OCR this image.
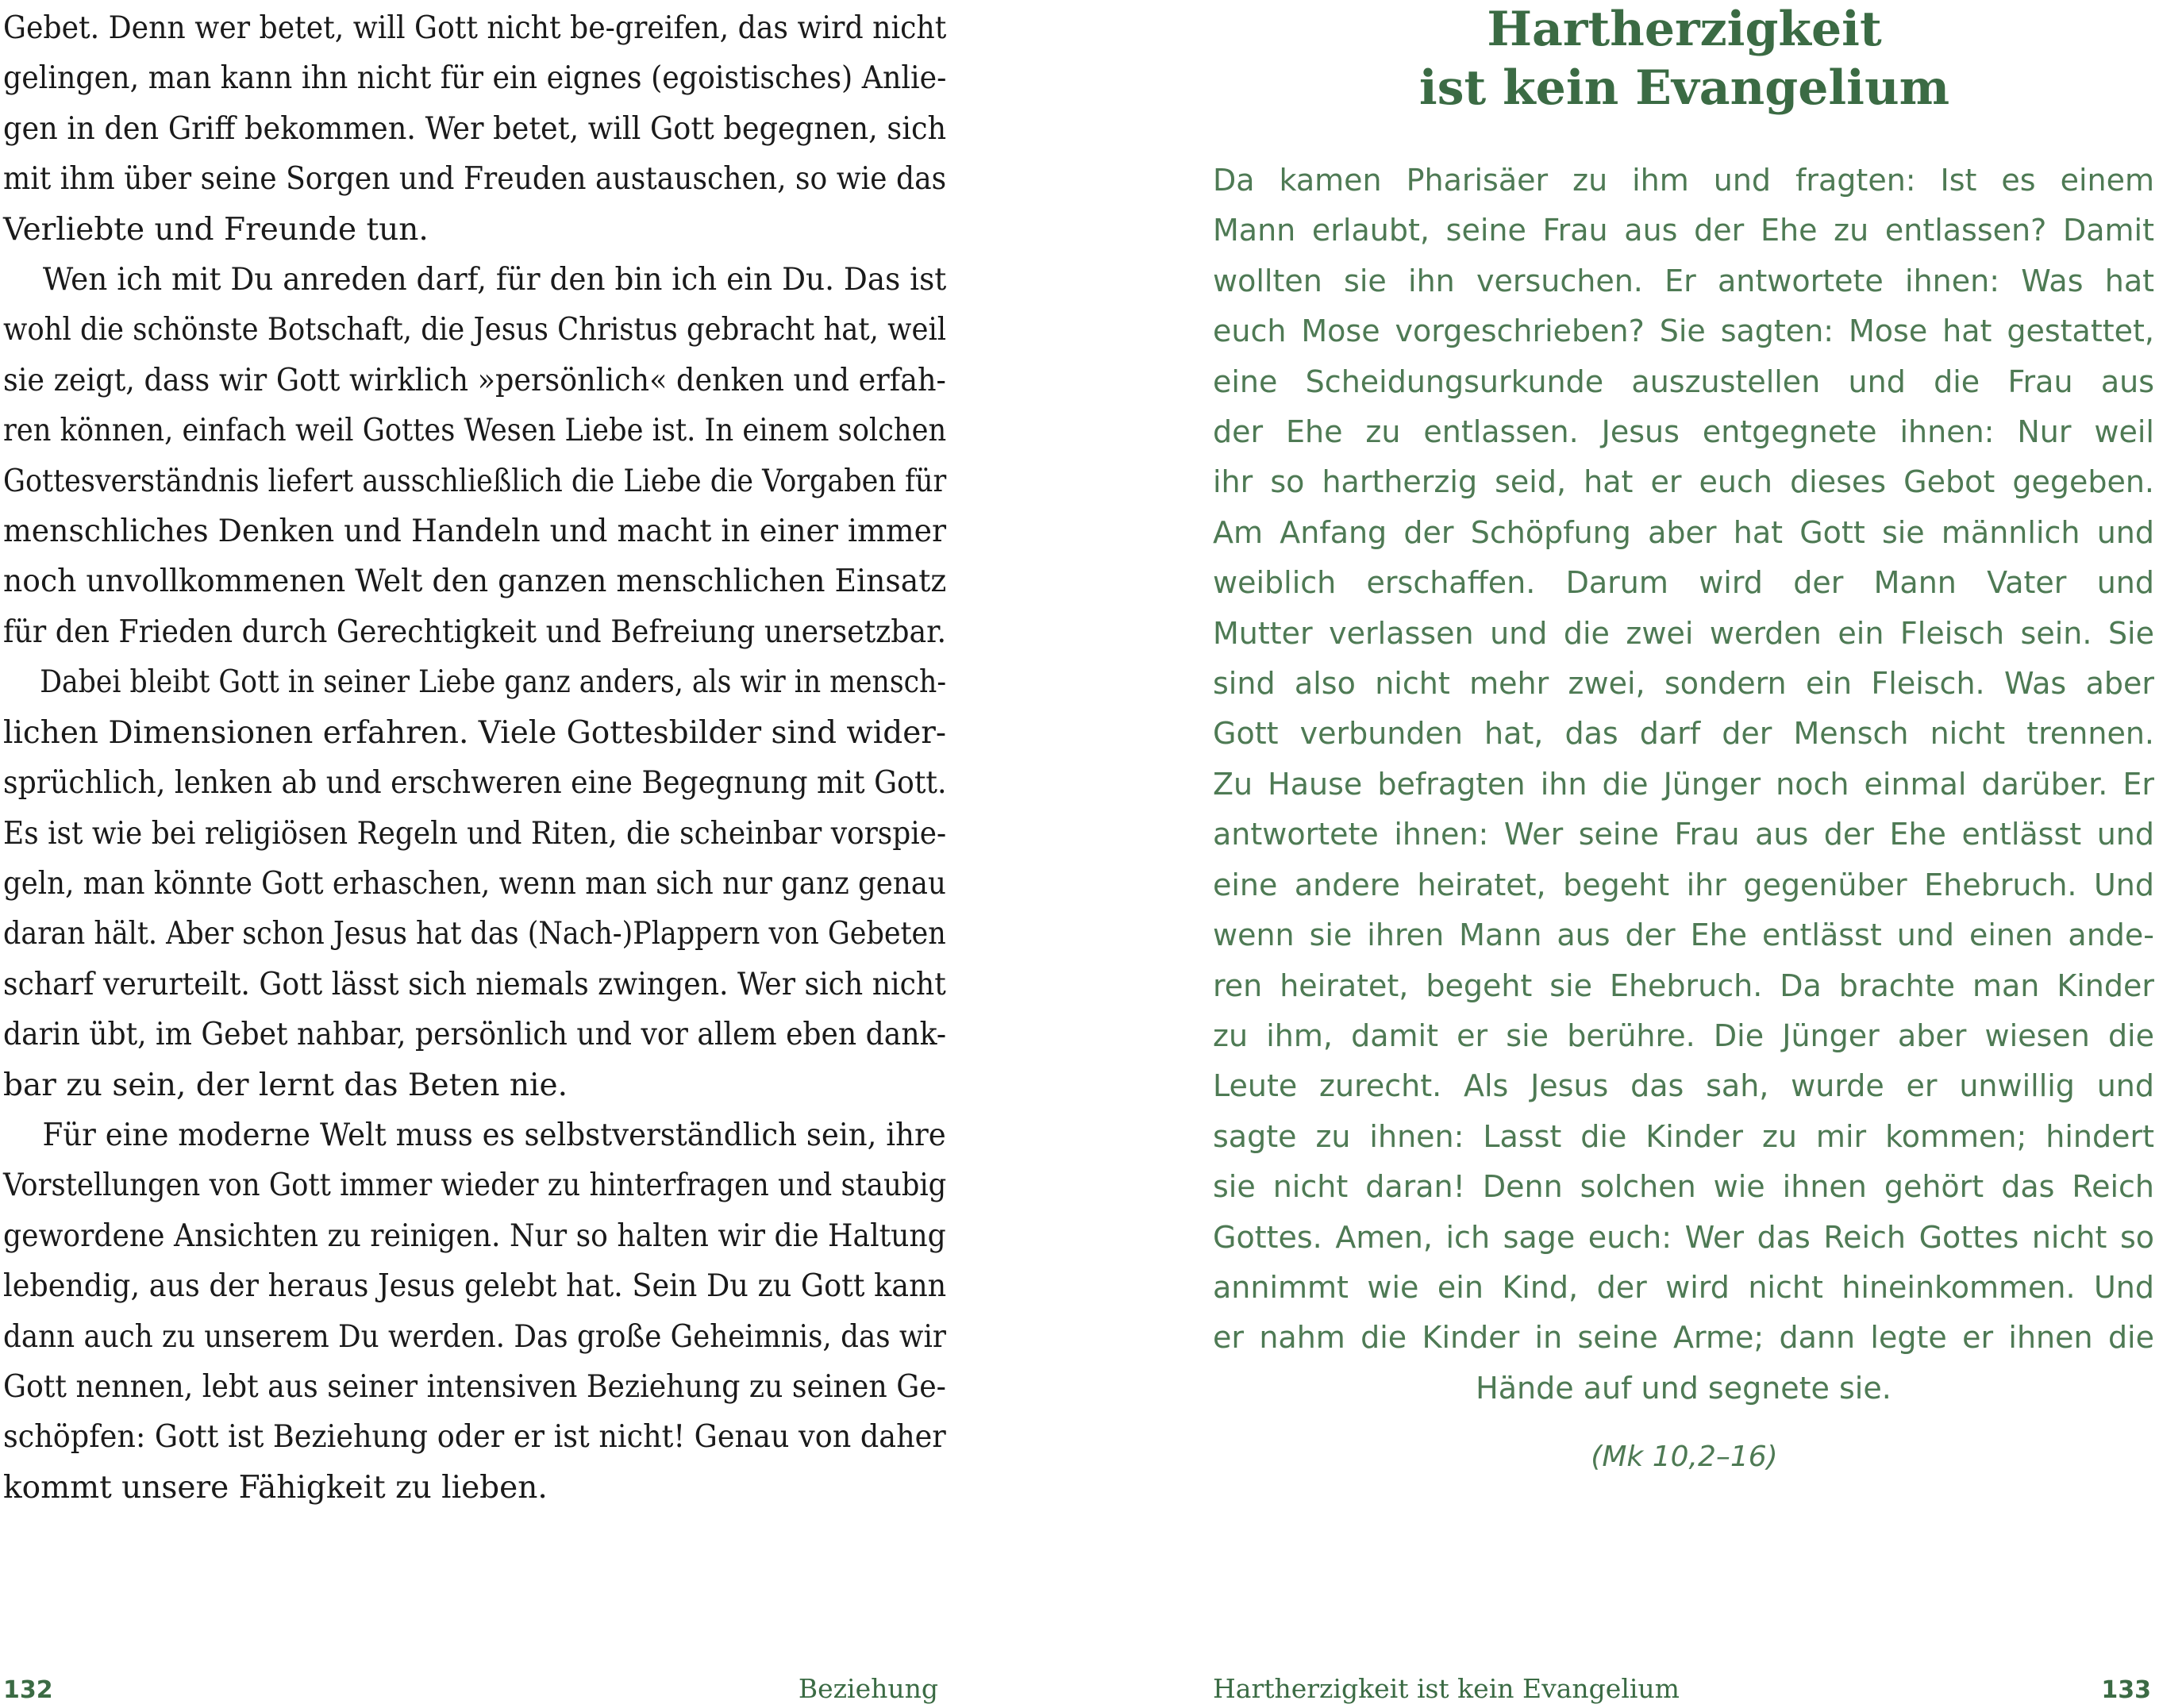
Gebet. Denn wer betet, will Gott nicht be-greifen, das wird nicht
gelingen, man kann ihn nicht für ein eignes (egoistisches) Anlie-
gen in den Griff bekommen. Wer betet, will Gott begegnen, sich
mit ihm über seine Sorgen und Freuden austauschen, so wie das
Verliebte und Freunde tun.

Wen ich mit Du anreden darf, für den bin ich ein Du. Das ist
wohl die schönste Botschaft, die Jesus Christus gebracht hat, weil
sie zeigt, dass wir Gott wirklich »persönlich« denken und erfah-
ren können, einfach weil Gottes Wesen Liebe ist. In einem solchen
Gottesverständnis liefert ausschließlich die Liebe die Vorgaben für
menschliches Denken und Handeln und macht in einer immer
noch unvollkommenen Welt den ganzen menschlichen Einsatz
für den Frieden durch Gerechtigkeit und Befreiung unersetzbar.

Dabei bleibt Gott in seiner Liebe ganz anders, als wir in mensch-
lichen Dimensionen erfahren. Viele Gottesbilder sind wider-
sprüchlich, lenken ab und erschweren eine Begegnung mit Gott.
Es ist wie bei religiösen Regeln und Riten, die scheinbar vorspie-
geln, man könnte Gott erhaschen, wenn man sich nur ganz genau
daran hält. Aber schon Jesus hat das (Nach-)Plappern von Gebeten
scharf verurteilt. Gott lässt sich niemals zwingen. Wer sich nicht
darin übt, im Gebet nahbar, persönlich und vor allem eben dank-
bar zu sein, der lernt das Beten nie.

Für eine moderne Welt muss es selbstverständlich sein, ihre
Vorstellungen von Gott immer wieder zu hinterfragen und staubig
gewordene Ansichten zu reinigen. Nur so halten wir die Haltung
lebendig, aus der heraus Jesus gelebt hat. Sein Du zu Gott kann
dann auch zu unserem Du werden. Das große Geheimnis, das wir
Gott nennen, lebt aus seiner intensiven Beziehung zu seinen Ge-
schöpfen: Gott ist Beziehung oder er ist nicht! Genau von daher
kommt unsere Fähigkeit zu lieben.

132	Beziehung
Hartherzigkeit
ist kein Evangelium
Da kamen Pharisäer zu ihm und fragten: Ist es einem
Mann erlaubt, seine Frau aus der Ehe zu entlassen? Damit
wollten sie ihn versuchen. Er antwortete ihnen: Was hat
euch Mose vorgeschrieben? Sie sagten: Mose hat gestattet,
eine Scheidungsurkunde auszustellen und die Frau aus
der Ehe zu entlassen. Jesus entgegnete ihnen: Nur weil
ihr so hartherzig seid, hat er euch dieses Gebot gegeben.
Am Anfang der Schöpfung aber hat Gott sie männlich und
weiblich erschaffen. Darum wird der Mann Vater und
Mutter verlassen und die zwei werden ein Fleisch sein. Sie
sind also nicht mehr zwei, sondern ein Fleisch. Was aber
Gott verbunden hat, das darf der Mensch nicht trennen.
Zu Hause befragten ihn die Jünger noch einmal darüber. Er
antwortete ihnen: Wer seine Frau aus der Ehe entlässt und
eine andere heiratet, begeht ihr gegenüber Ehebruch. Und
wenn sie ihren Mann aus der Ehe entlässt und einen ande-
ren heiratet, begeht sie Ehebruch. Da brachte man Kinder
zu ihm, damit er sie berühre. Die Jünger aber wiesen die
Leute zurecht. Als Jesus das sah, wurde er unwillig und
sagte zu ihnen: Lasst die Kinder zu mir kommen; hindert
sie nicht daran! Denn solchen wie ihnen gehört das Reich
Gottes. Amen, ich sage euch: Wer das Reich Gottes nicht so
annimmt wie ein Kind, der wird nicht hineinkommen. Und
er nahm die Kinder in seine Arme; dann legte er ihnen die
Hände auf und segnete sie.
(Mk 10,2–16)
Hartherzigkeit ist kein Evangelium	133
